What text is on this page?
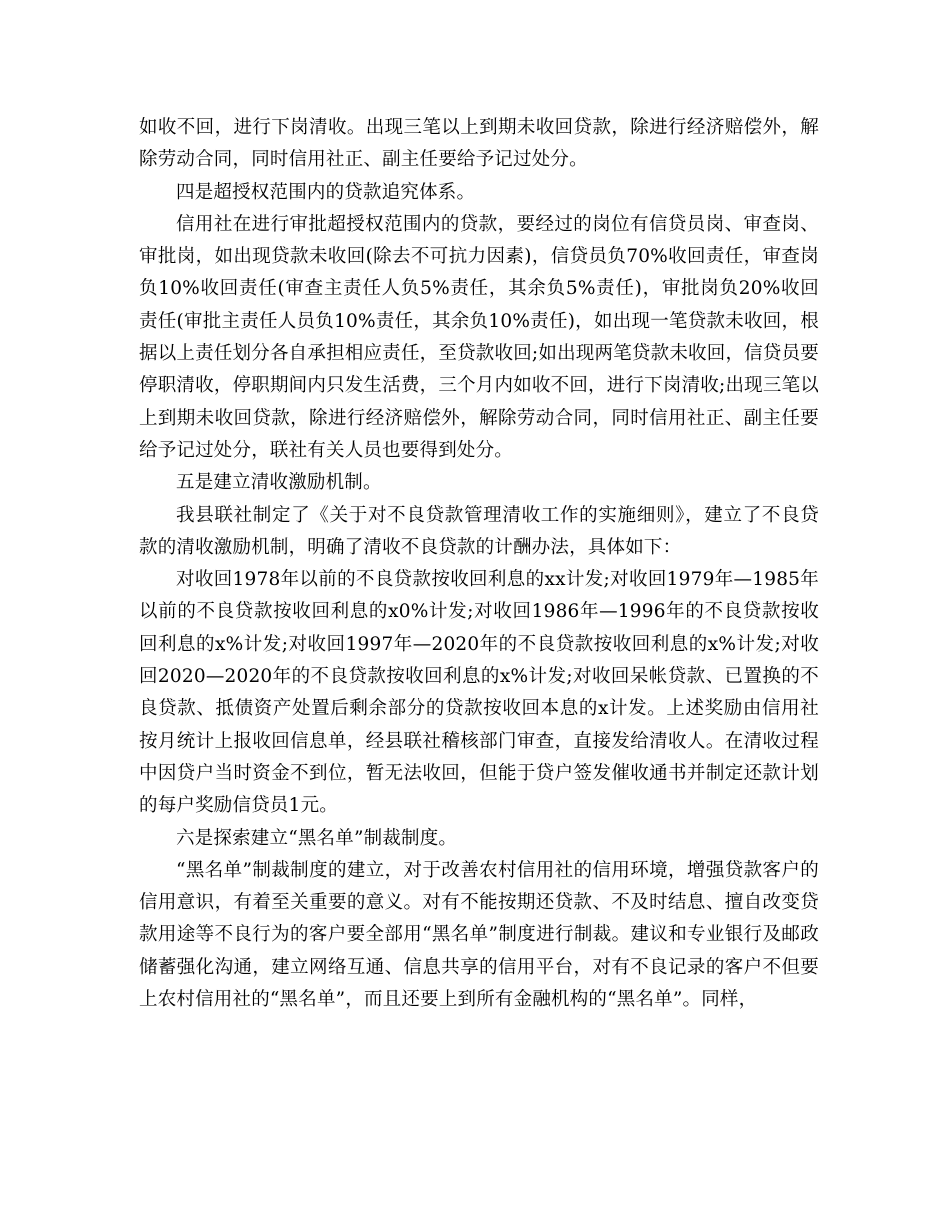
如收不回，进行下岗清收。出现三笔以上到期未收回贷款，除进行经济赔偿外，解除劳动合同，同时信用社正、副主任要给予记过处分。

四是超授权范围内的贷款追究体系。

信用社在进行审批超授权范围内的贷款，要经过的岗位有信贷员岗、审查岗、审批岗，如出现贷款未收回(除去不可抗力因素)，信贷员负70%收回责任，审查岗负10%收回责任(审查主责任人负5%责任，其余负5%责任)，审批岗负20%收回责任(审批主责任人员负10%责任，其余负10%责任)，如出现一笔贷款未收回，根据以上责任划分各自承担相应责任，至贷款收回;如出现两笔贷款未收回，信贷员要停职清收，停职期间内只发生活费，三个月内如收不回，进行下岗清收;出现三笔以上到期未收回贷款，除进行经济赔偿外，解除劳动合同，同时信用社正、副主任要给予记过处分，联社有关人员也要得到处分。

五是建立清收激励机制。

我县联社制定了《关于对不良贷款管理清收工作的实施细则》，建立了不良贷款的清收激励机制，明确了清收不良贷款的计酬办法，具体如下：

对收回1978年以前的不良贷款按收回利息的xx计发;对收回1979年—1985年以前的不良贷款按收回利息的x0%计发;对收回1986年—1996年的不良贷款按收回利息的x%计发;对收回1997年—2020年的不良贷款按收回利息的x%计发;对收回2020—2020年的不良贷款按收回利息的x%计发;对收回呆帐贷款、已置换的不良贷款、抵债资产处置后剩余部分的贷款按收回本息的x计发。上述奖励由信用社按月统计上报收回信息单，经县联社稽核部门审查，直接发给清收人。在清收过程中因贷户当时资金不到位，暂无法收回，但能于贷户签发催收通书并制定还款计划的每户奖励信贷员1元。

六是探索建立“黑名单”制裁制度。

“黑名单”制裁制度的建立，对于改善农村信用社的信用环境，增强贷款客户的信用意识，有着至关重要的意义。对有不能按期还贷款、不及时结息、擅自改变贷款用途等不良行为的客户要全部用“黑名单”制度进行制裁。建议和专业银行及邮政储蓄强化沟通，建立网络互通、信息共享的信用平台，对有不良记录的客户不但要上农村信用社的“黑名单”，而且还要上到所有金融机构的“黑名单”。同样，
